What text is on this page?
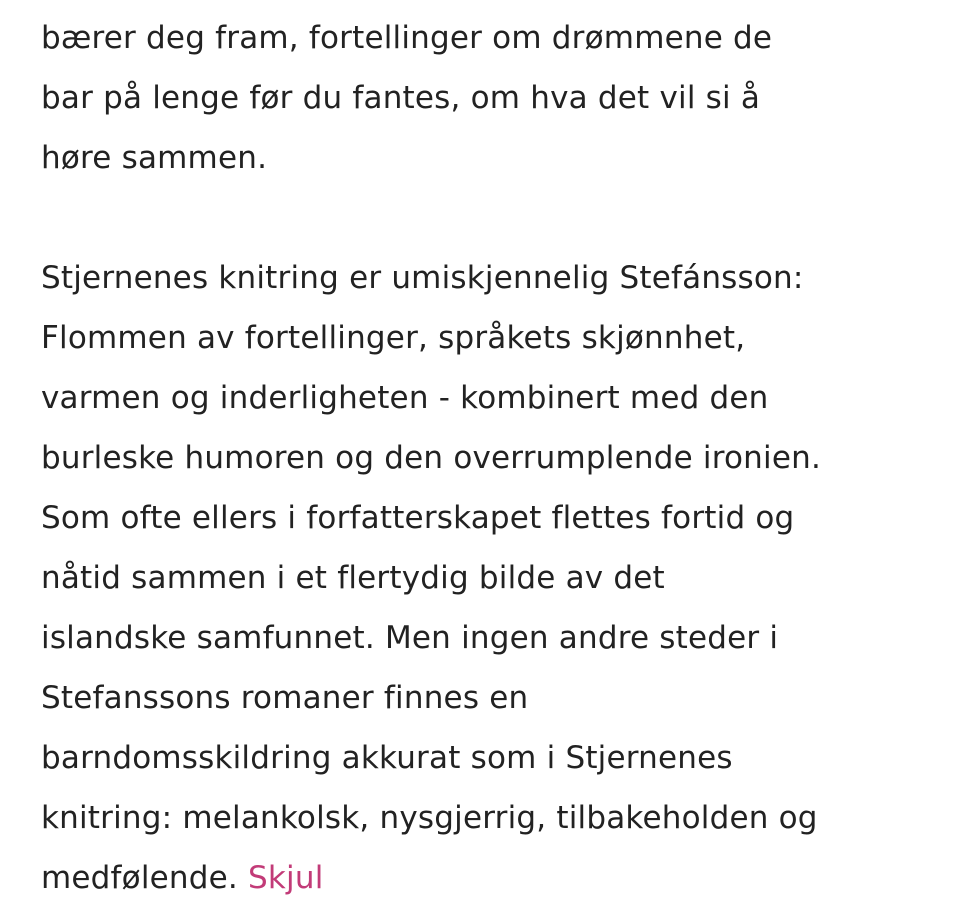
bærer deg fram, fortellinger om drømmene de
bar på lenge før du fantes, om hva det vil si å
høre sammen.

Stjernenes knitring er umiskjennelig Stefánsson:
Flommen av fortellinger, språkets skjønnhet,
varmen og inderligheten - kombinert med den
burleske humoren og den overrumplende ironien.
Som ofte ellers i forfatterskapet flettes fortid og
nåtid sammen i et flertydig bilde av det
islandske samfunnet. Men ingen andre steder i
Stefanssons romaner finnes en
barndomsskildring akkurat som i Stjernenes
knitring: melankolsk, nysgjerrig, tilbakeholden og
medfølende. Skjul
